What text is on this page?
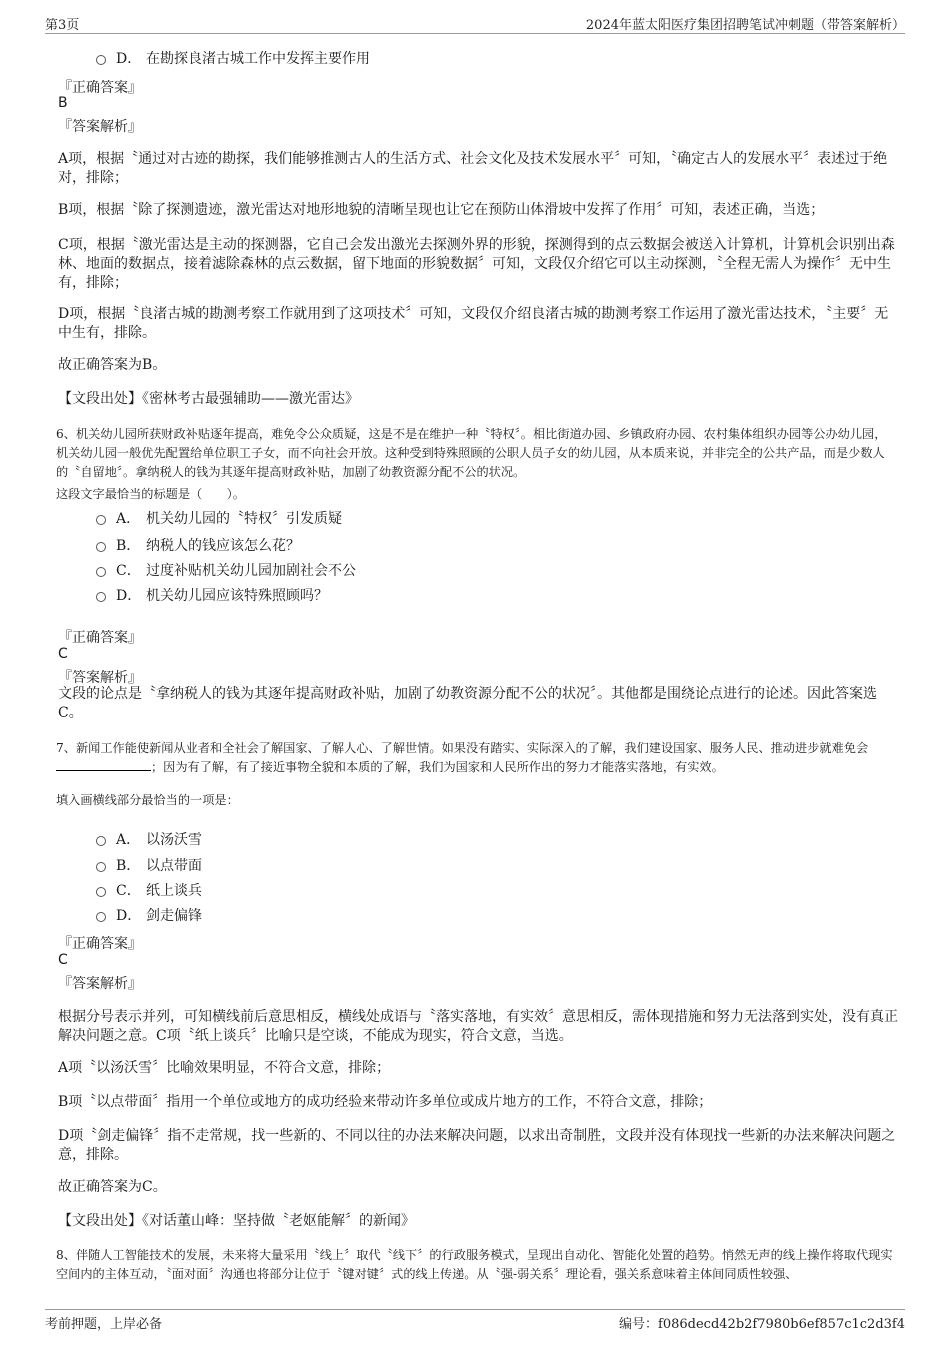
第3页	2024年蓝太阳医疗集团招聘笔试冲刺题（带答案解析）
D． 在勘探良渚古城工作中发挥主要作用
『正确答案』
B
『答案解析』
A项，根据〝通过对古迹的勘探，我们能够推测古人的生活方式、社会文化及技术发展水平〞可知，〝确定古人的发展水平〞表述过于绝对，排除；
B项，根据〝除了探测遗迹，激光雷达对地形地貌的清晰呈现也让它在预防山体滑坡中发挥了作用〞可知，表述正确，当选；
C项，根据〝激光雷达是主动的探测器，它自己会发出激光去探测外界的形貌，探测得到的点云数据会被送入计算机，计算机会识别出森林、地面的数据点，接着滤除森林的点云数据，留下地面的形貌数据〞可知，文段仅介绍它可以主动探测，〝全程无需人为操作〞无中生有，排除；
D项，根据〝良渚古城的勘测考察工作就用到了这项技术〞可知，文段仅介绍良渚古城的勘测考察工作运用了激光雷达技术，〝主要〞无中生有，排除。
故正确答案为B。
【文段出处】《密林考古最强辅助——激光雷达》
6、机关幼儿园所获财政补贴逐年提高，难免令公众质疑，这是不是在维护一种〝特权〞。相比街道办园、乡镇政府办园、农村集体组织办园等公办幼儿园，机关幼儿园一般优先配置给单位职工子女，而不向社会开放。这种受到特殊照顾的公职人员子女的幼儿园，从本质来说，并非完全的公共产品，而是少数人的〝自留地〞。拿纳税人的钱为其逐年提高财政补贴，加剧了幼教资源分配不公的状况。
这段文字最恰当的标题是（　　）。
A． 机关幼儿园的〝特权〞引发质疑
B． 纳税人的钱应该怎么花？
C． 过度补贴机关幼儿园加剧社会不公
D． 机关幼儿园应该特殊照顾吗？
『正确答案』
C
『答案解析』
文段的论点是〝拿纳税人的钱为其逐年提高财政补贴，加剧了幼教资源分配不公的状况〞。其他都是围绕论点进行的论述。因此答案选C。
7、新闻工作能使新闻从业者和全社会了解国家、了解人心、了解世情。如果没有踏实、实际深入的了解，我们建设国家、服务人民、推动进步就难免会；因为有了解，有了接近事物全貌和本质的了解，我们为国家和人民所作出的努力才能落实落地，有实效。
填入画横线部分最恰当的一项是：
A． 以汤沃雪
B． 以点带面
C． 纸上谈兵
D． 剑走偏锋
『正确答案』
C
『答案解析』
根据分号表示并列，可知横线前后意思相反，横线处成语与〝落实落地，有实效〞意思相反，需体现措施和努力无法落到实处，没有真正解决问题之意。C项〝纸上谈兵〞比喻只是空谈，不能成为现实，符合文意，当选。
A项〝以汤沃雪〞比喻效果明显，不符合文意，排除；
B项〝以点带面〞指用一个单位或地方的成功经验来带动许多单位或成片地方的工作，不符合文意，排除；
D项〝剑走偏锋〞指不走常规，找一些新的、不同以往的办法来解决问题，以求出奇制胜，文段并没有体现找一些新的办法来解决问题之意，排除。
故正确答案为C。
【文段出处】《对话董山峰：坚持做〝老妪能解〞的新闻》
8、伴随人工智能技术的发展，未来将大量采用〝线上〞取代〝线下〞的行政服务模式，呈现出自动化、智能化处置的趋势。悄然无声的线上操作将取代现实空间内的主体互动，〝面对面〞沟通也将部分让位于〝键对键〞式的线上传递。从〝强-弱关系〞理论看，强关系意味着主体间同质性较强、
考前押题，上岸必备	编号：f086decd42b2f7980b6ef857c1c2d3f4
